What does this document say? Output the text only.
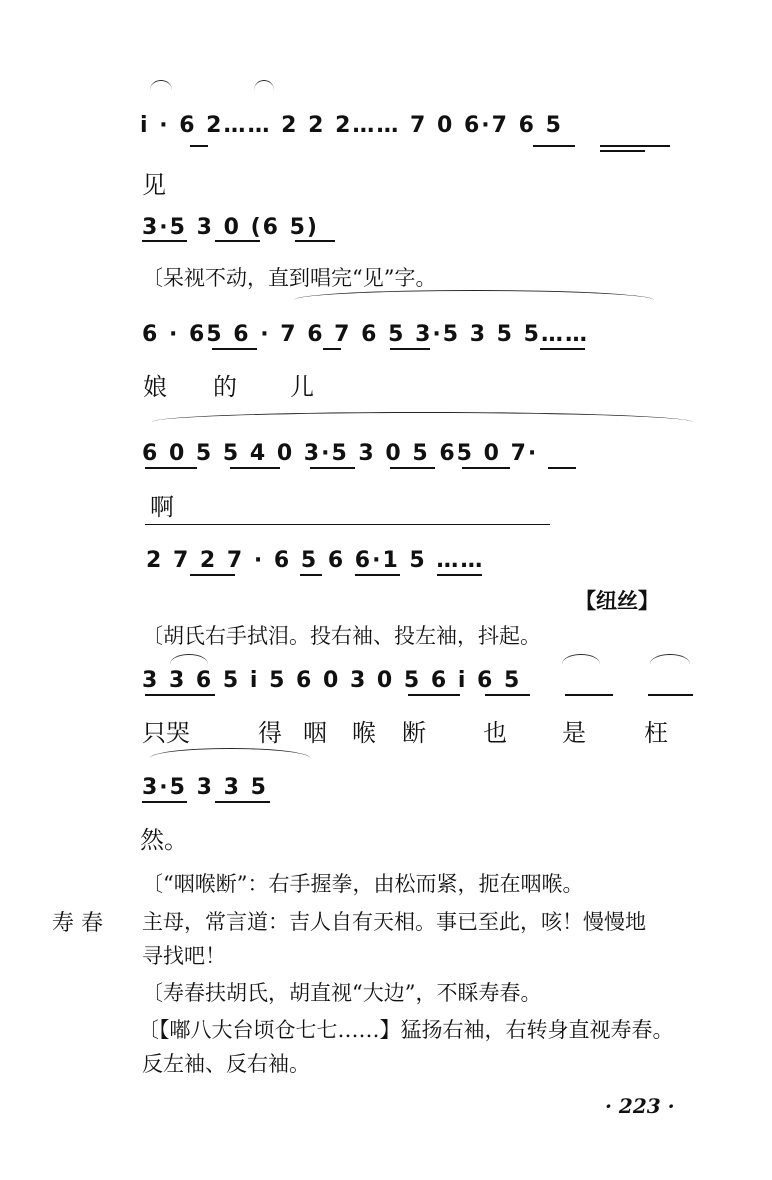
i · 6 2…… 2 2 2…… 7 0 6·7 6 5
见
3·5 3 0 (6 5)
〔呆视不动，直到唱完“见”字。
6 · 65 6 · 7 6 7 6 5 3·5 3 5 5……
娘 的 儿
6 0 5 5 4 0 3·5 3 0 5 65 0 7·
啊
2 7 2 7 · 6 5 6 6·1 5 ……
【纽丝】
〔胡氏右手拭泪。投右袖、投左袖，抖起。
3 3 6 5 i 5 6 0 3 0 5 6 i 6 5
只哭	得 咽 喉 断 也 是 枉
3·5 3 3 5
然。
〔“咽喉断”：右手握拳，由松而紧，扼在咽喉。
寿 春 主母，常言道：吉人自有天相。事已至此，咳！慢慢地
寻找吧！
〔寿春扶胡氏，胡直视“大边”，不睬寿春。
〔【嘟八大台顷仓七七……】猛扬右袖，右转身直视寿春。
反左袖、反右袖。
· 223 ·
